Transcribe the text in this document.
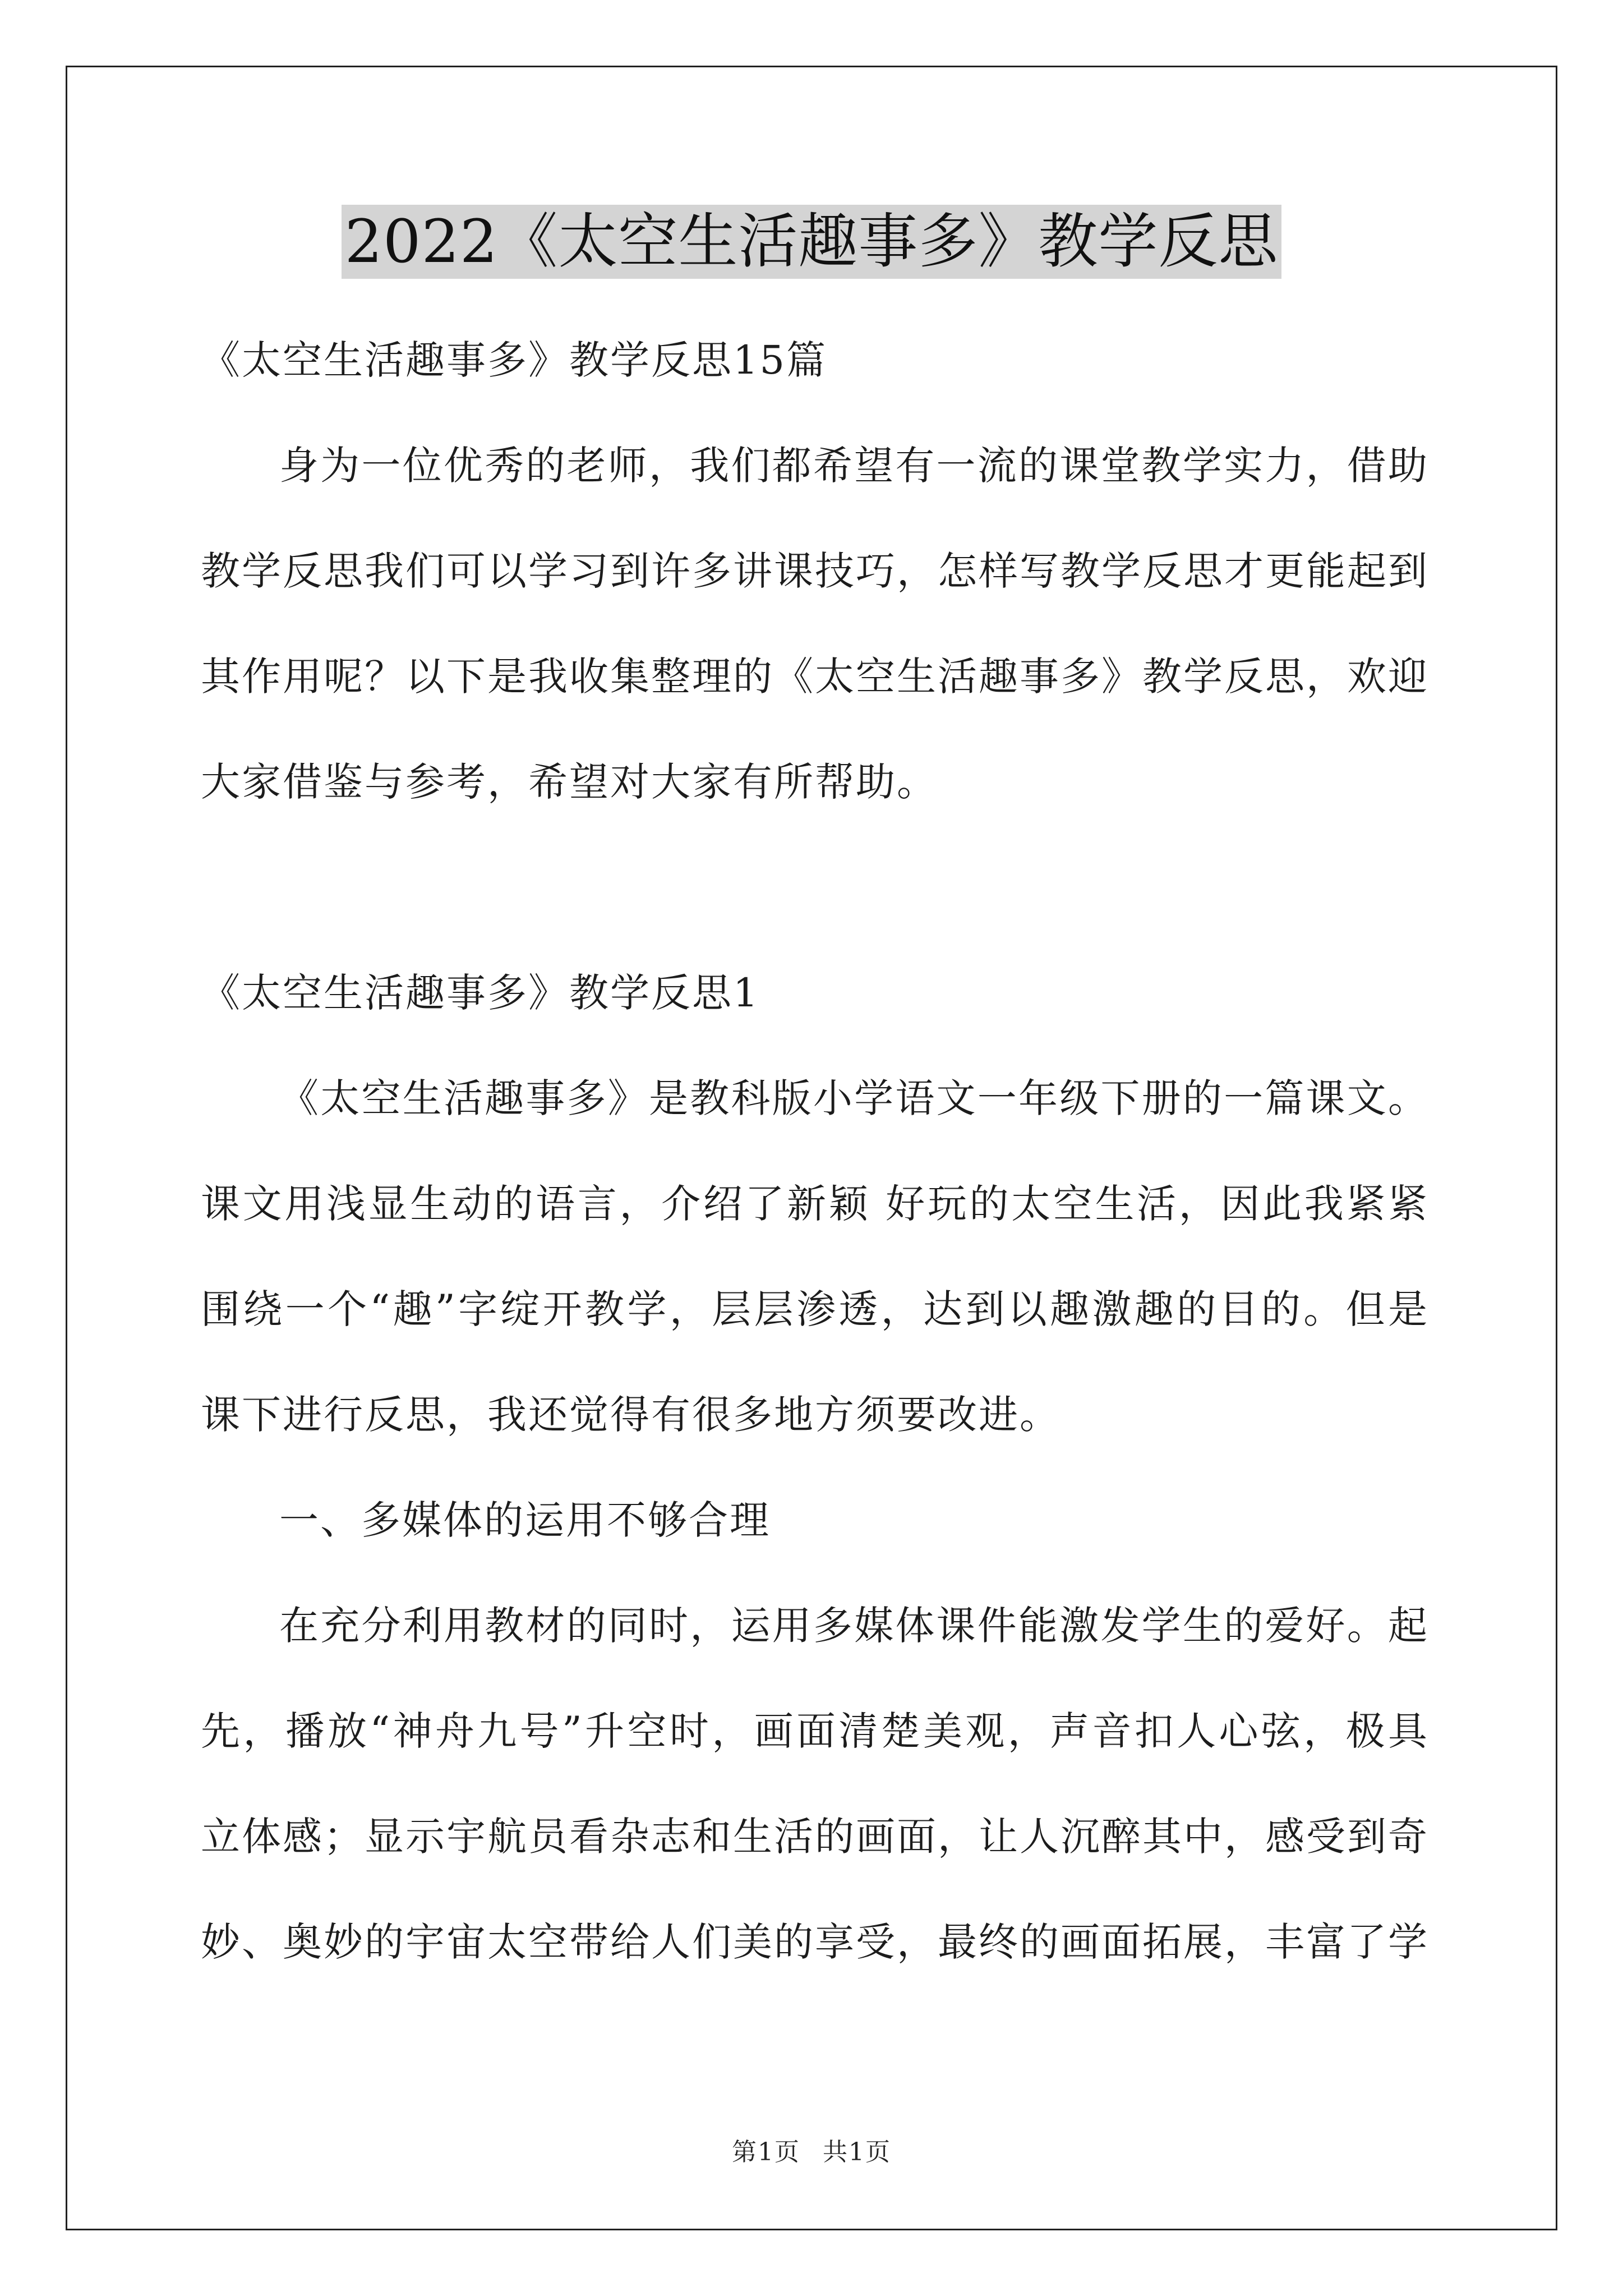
2022《太空生活趣事多》教学反思
《太空生活趣事多》教学反思15篇
身为一位优秀的老师，我们都希望有一流的课堂教学实力，借助
教学反思我们可以学习到许多讲课技巧，怎样写教学反思才更能起到
其作用呢？以下是我收集整理的《太空生活趣事多》教学反思，欢迎
大家借鉴与参考，希望对大家有所帮助。
《太空生活趣事多》教学反思1
《太空生活趣事多》是教科版小学语文一年级下册的一篇课文。
课文用浅显生动的语言，介绍了新颖 好玩的太空生活，因此我紧紧
围绕一个“趣”字绽开教学，层层渗透，达到以趣激趣的目的。但是
课下进行反思，我还觉得有很多地方须要改进。
一、多媒体的运用不够合理
在充分利用教材的同时，运用多媒体课件能激发学生的爱好。起
先，播放“神舟九号”升空时，画面清楚美观，声音扣人心弦，极具
立体感；显示宇航员看杂志和生活的画面，让人沉醉其中，感受到奇
妙、奥妙的宇宙太空带给人们美的享受，最终的画面拓展，丰富了学
第1页 共1页
